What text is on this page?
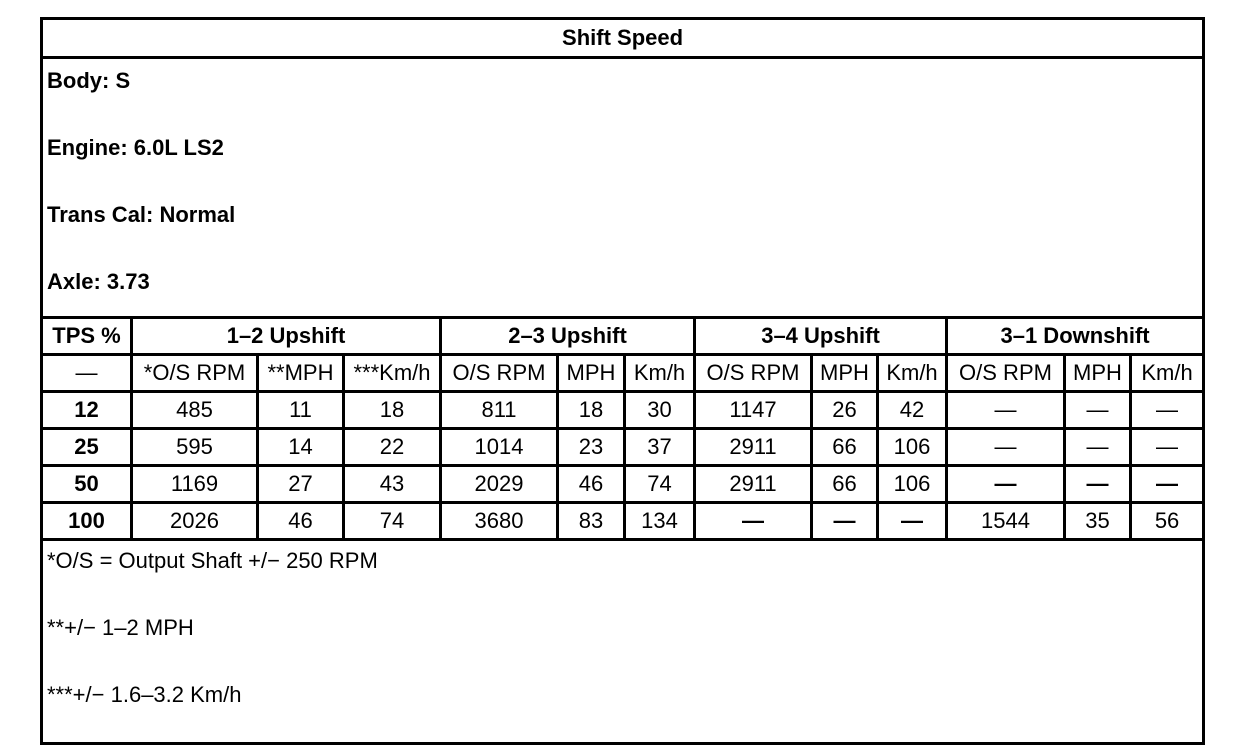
Shift Speed												

Body: S
Engine: 6.0L LS2
Trans Cal: Normal
Axle: 3.73												

TPS %	1–2 Upshift			2–3 Upshift			3–4 Upshift			3–1 Downshift		
—	*O/S RPM	**MPH	***Km/h	O/S RPM	MPH	Km/h	O/S RPM	MPH	Km/h	O/S RPM	MPH	Km/h
12	485	11	18	811	18	30	1147	26	42	—	—	—
25	595	14	22	1014	23	37	2911	66	106	—	—	—
50	1169	27	43	2029	46	74	2911	66	106	—	—	—
100	2026	46	74	3680	83	134	—	—	—	1544	35	56

*O/S = Output Shaft +/− 250 RPM
**+/− 1–2 MPH
***+/− 1.6–3.2 Km/h												
